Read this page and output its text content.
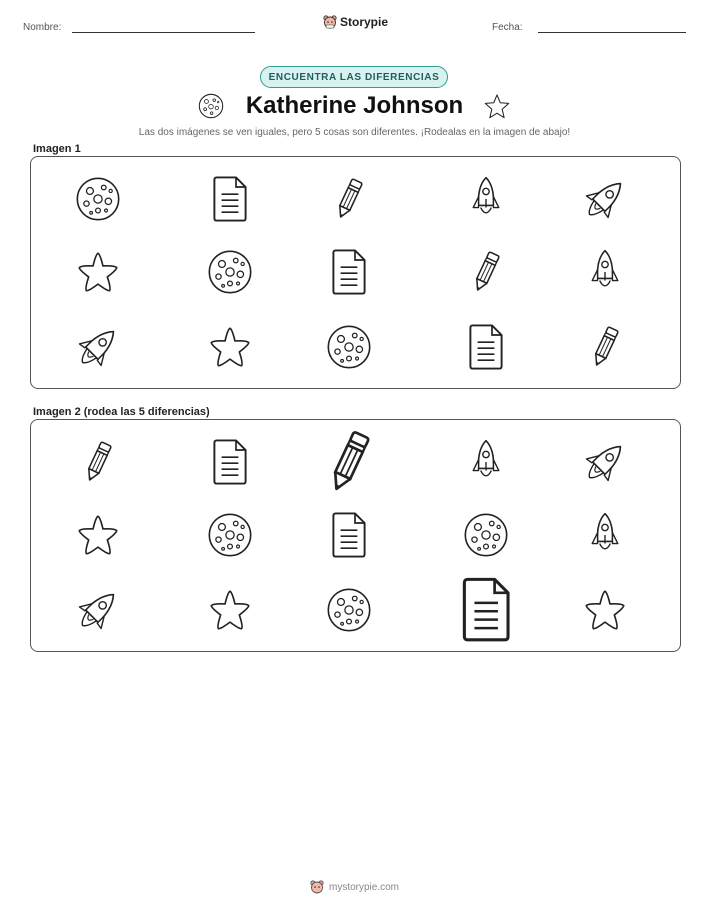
Nombre:	Storypie	Fecha:
ENCUENTRA LAS DIFERENCIAS
Katherine Johnson
Las dos imágenes se ven iguales, pero 5 cosas son diferentes. ¡Rodealas en la imagen de abajo!
Imagen 1
Imagen 2 (rodea las 5 diferencias)
mystorypie.com
